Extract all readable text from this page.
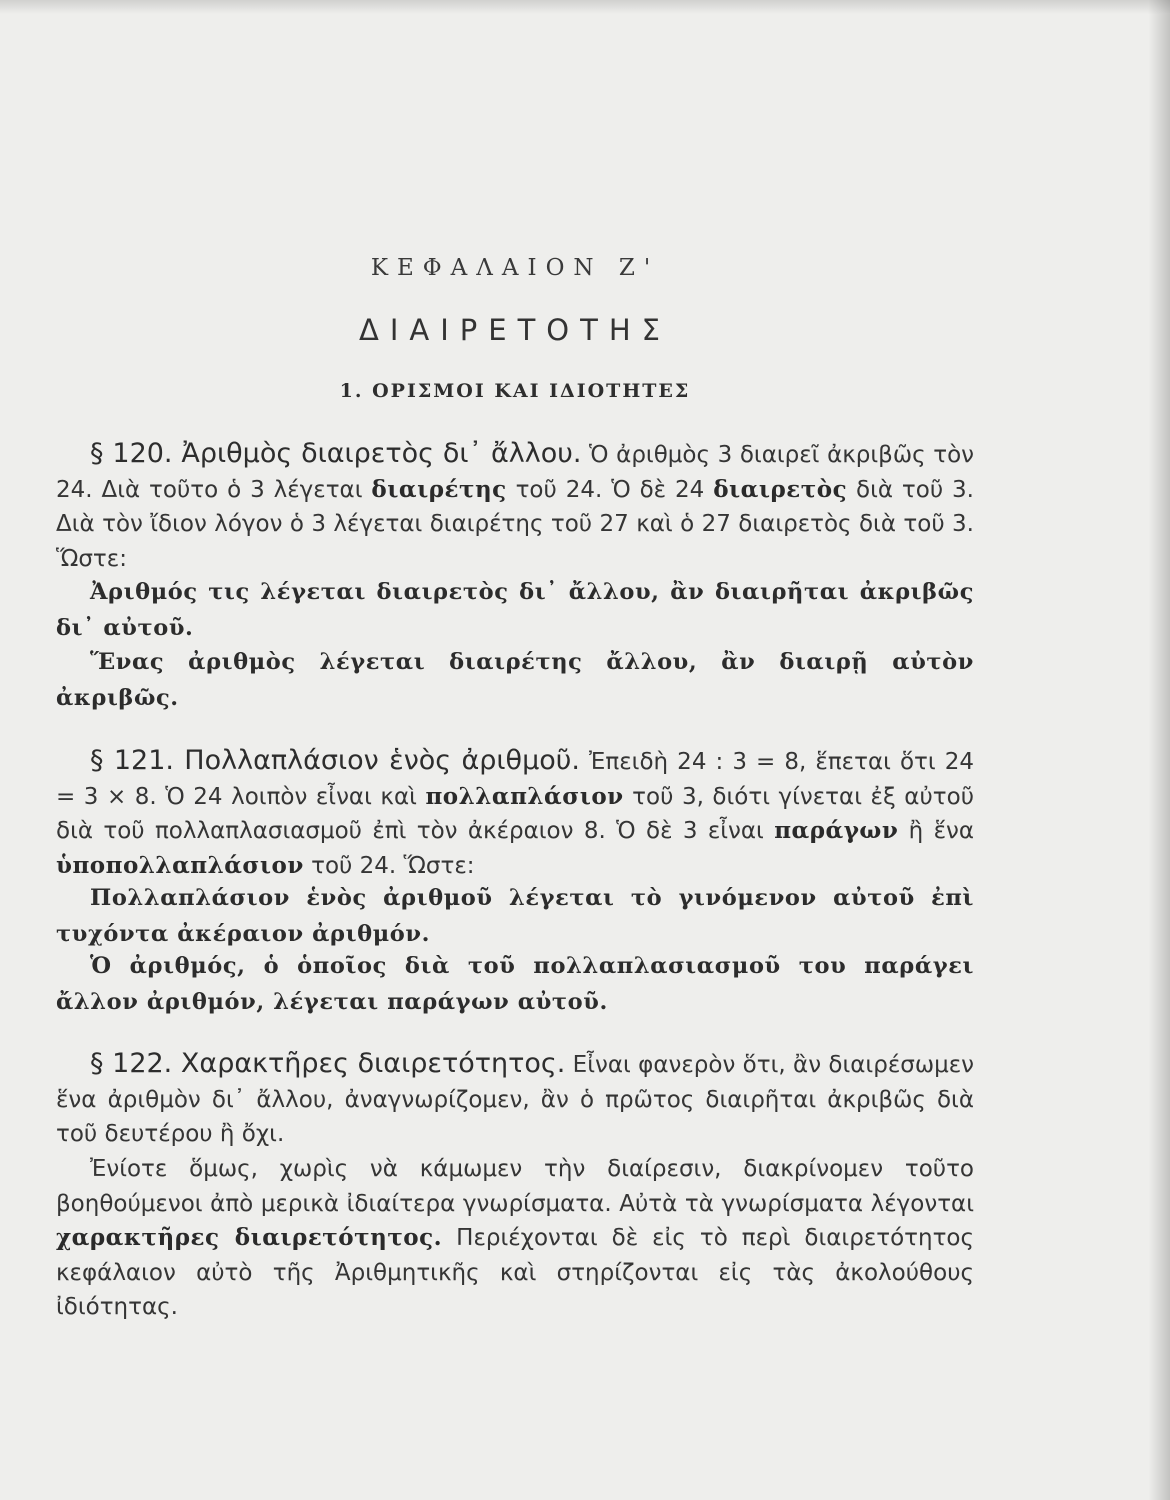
ΚΕΦΑΛΑΙΟΝ Ζ'
ΔΙΑΙΡΕΤΟΤΗΣ
1. ΟΡΙΣΜΟΙ ΚΑΙ ΙΔΙΟΤΗΤΕΣ

§ 120. Ἀριθμὸς διαιρετὸς δι᾽ ἄλλου. Ὁ ἀριθμὸς 3 διαιρεῖ ἀκριβῶς τὸν 24. Διὰ τοῦτο ὁ 3 λέγεται διαιρέτης τοῦ 24. Ὁ δὲ 24 διαιρετὸς διὰ τοῦ 3. Διὰ τὸν ἴδιον λόγον ὁ 3 λέγεται διαιρέτης τοῦ 27 καὶ ὁ 27 διαιρετὸς διὰ τοῦ 3. Ὥστε:

Ἀριθμός τις λέγεται διαιρετὸς δι᾽ ἄλλου, ἂν διαιρῆται ἀκριβῶς δι᾽ αὐτοῦ.

Ἕνας ἀριθμὸς λέγεται διαιρέτης ἄλλου, ἂν διαιρῇ αὐτὸν ἀκριβῶς.

§ 121. Πολλαπλάσιον ἑνὸς ἀριθμοῦ. Ἐπειδὴ 24 : 3 = 8, ἕπεται ὅτι 24 = 3 × 8. Ὁ 24 λοιπὸν εἶναι καὶ πολλαπλάσιον τοῦ 3, διότι γίνεται ἐξ αὐτοῦ διὰ τοῦ πολλαπλασιασμοῦ ἐπὶ τὸν ἀκέραιον 8. Ὁ δὲ 3 εἶναι παράγων ἢ ἕνα ὑποπολλαπλάσιον τοῦ 24. Ὥστε:

Πολλαπλάσιον ἑνὸς ἀριθμοῦ λέγεται τὸ γινόμενον αὐτοῦ ἐπὶ τυχόντα ἀκέραιον ἀριθμόν.

Ὁ ἀριθμός, ὁ ὁποῖος διὰ τοῦ πολλαπλασιασμοῦ του παράγει ἄλλον ἀριθμόν, λέγεται παράγων αὐτοῦ.

§ 122. Χαρακτῆρες διαιρετότητος. Εἶναι φανερὸν ὅτι, ἂν διαιρέσωμεν ἕνα ἀριθμὸν δι᾽ ἄλλου, ἀναγνωρίζομεν, ἂν ὁ πρῶτος διαιρῆται ἀκριβῶς διὰ τοῦ δευτέρου ἢ ὄχι.

Ἐνίοτε ὅμως, χωρὶς νὰ κάμωμεν τὴν διαίρεσιν, διακρίνομεν τοῦτο βοηθούμενοι ἀπὸ μερικὰ ἰδιαίτερα γνωρίσματα. Αὐτὰ τὰ γνωρίσματα λέγονται χαρακτῆρες διαιρετότητος. Περιέχονται δὲ εἰς τὸ περὶ διαιρετότητος κεφάλαιον αὐτὸ τῆς Ἀριθμητικῆς καὶ στηρίζονται εἰς τὰς ἀκολούθους ἰδιότητας.
